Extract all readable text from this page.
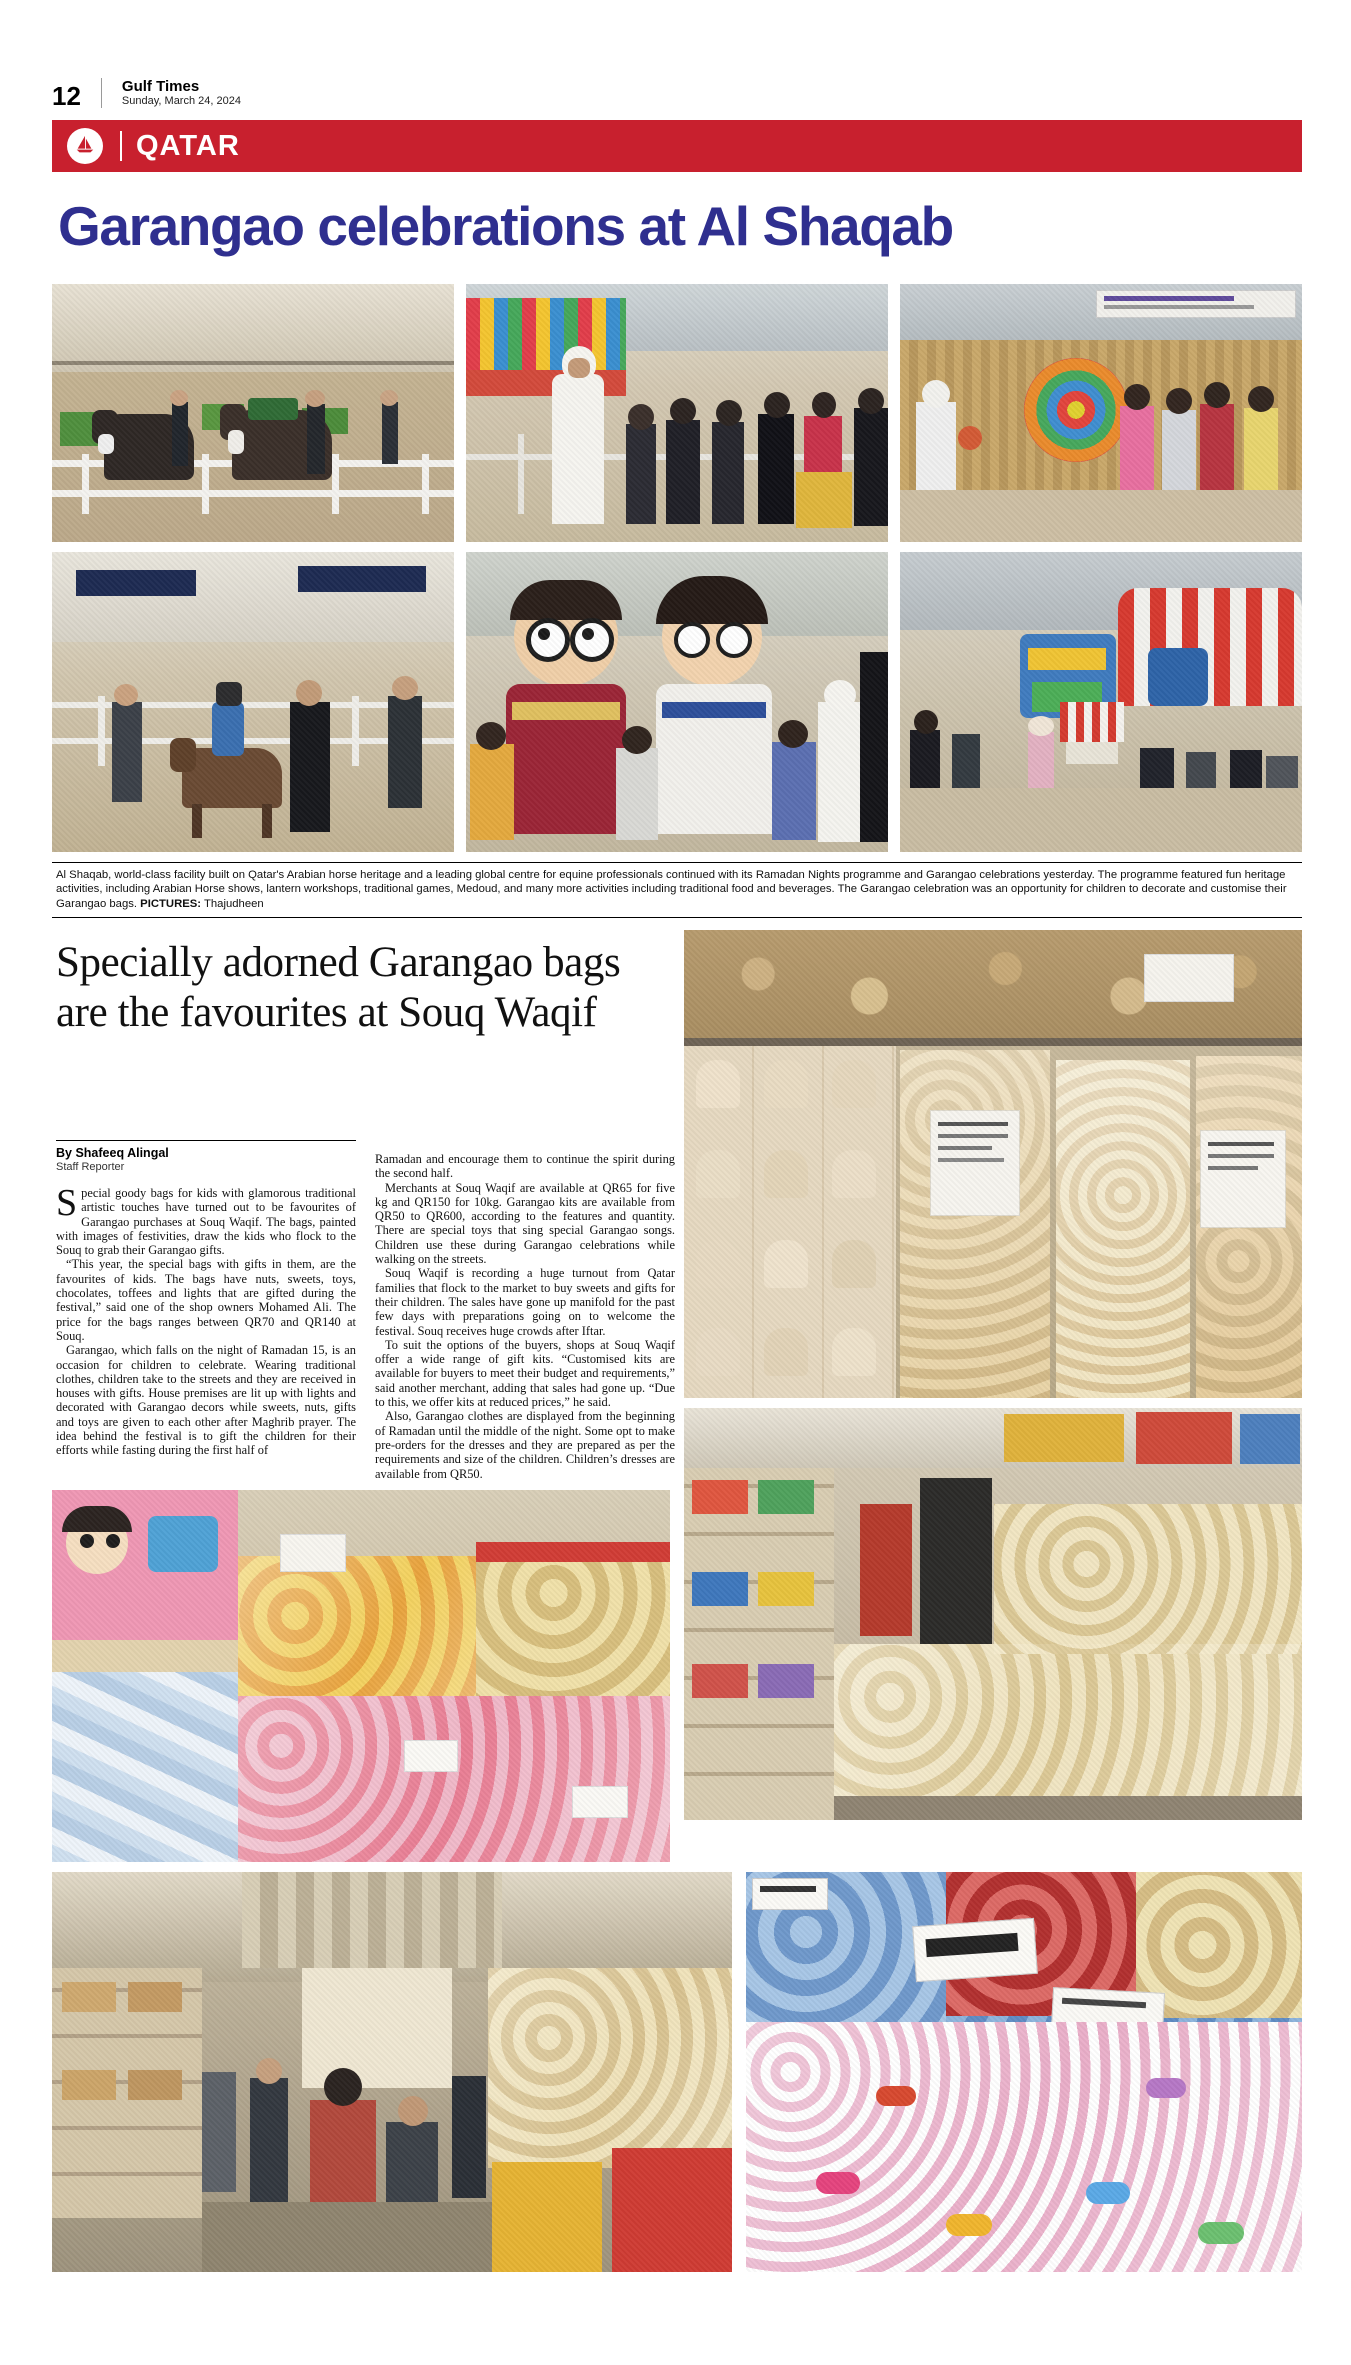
12	Gulf Times
Sunday, March 24, 2024
QATAR
Garangao celebrations at Al Shaqab
Al Shaqab, world-class facility built on Qatar's Arabian horse heritage and a leading global centre for equine professionals continued with its Ramadan Nights programme and Garangao celebrations yesterday. The programme featured fun heritage activities, including Arabian Horse shows, lantern workshops, traditional games, Medoud, and many more activities including traditional food and beverages. The Garangao celebration was an opportunity for children to decorate and customise their Garangao bags. PICTURES: Thajudheen
Specially adorned Garangao bags are the favourites at Souq Waqif
By Shafeeq Alingal
Staff Reporter

Special goody bags for kids with glamorous traditional artistic touches have turned out to be favourites of Garangao purchases at Souq Waqif. The bags, painted with images of festivities, draw the kids who flock to the Souq to grab their Garangao gifts.

“This year, the special bags with gifts in them, are the favourites of kids. The bags have nuts, sweets, toys, chocolates, toffees and lights that are gifted during the festival,” said one of the shop owners Mohamed Ali. The price for the bags ranges between QR70 and QR140 at Souq.

Garangao, which falls on the night of Ramadan 15, is an occasion for children to celebrate. Wearing traditional clothes, children take to the streets and they are received in houses with gifts. House premises are lit up with lights and decorated with Garangao decors while sweets, nuts, gifts and toys are given to each other after Maghrib prayer. The idea behind the festival is to gift the children for their efforts while fasting during the first half of

Ramadan and encourage them to continue the spirit during the second half.

Merchants at Souq Waqif are available at QR65 for five kg and QR150 for 10kg. Garangao kits are available from QR50 to QR600, according to the features and quantity. There are special toys that sing special Garangao songs. Children use these during Garangao celebrations while walking on the streets.

Souq Waqif is recording a huge turnout from Qatar families that flock to the market to buy sweets and gifts for their children. The sales have gone up manifold for the past few days with preparations going on to welcome the festival. Souq receives huge crowds after Iftar.

To suit the options of the buyers, shops at Souq Waqif offer a wide range of gift kits. “Customised kits are available for buyers to meet their budget and requirements,” said another merchant, adding that sales had gone up. “Due to this, we offer kits at reduced prices,” he said.

Also, Garangao clothes are displayed from the beginning of Ramadan until the middle of the night. Some opt to make pre-orders for the dresses and they are prepared as per the requirements and size of the children. Children’s dresses are available from QR50.
